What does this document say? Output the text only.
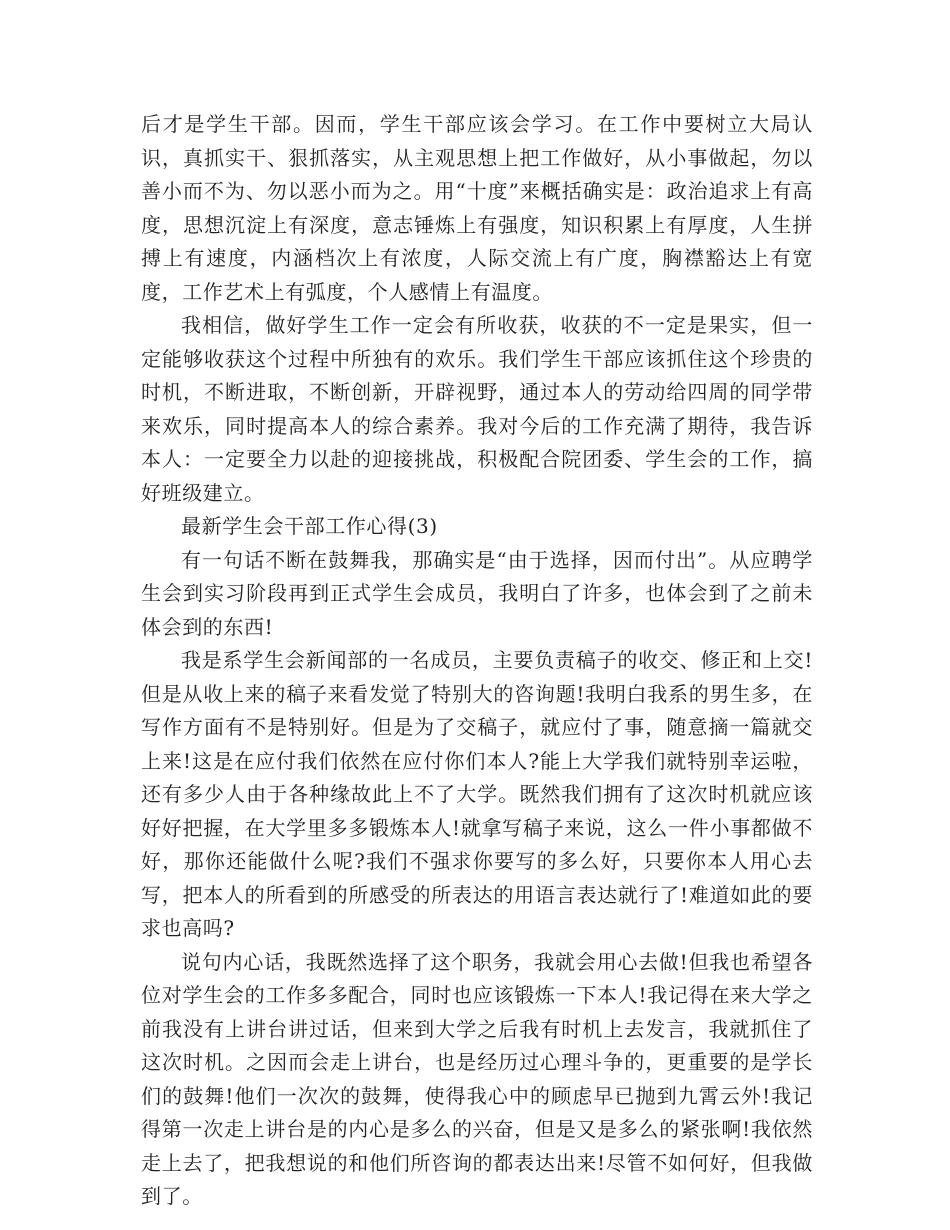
后才是学生干部。因而，学生干部应该会学习。在工作中要树立大局认识，真抓实干、狠抓落实，从主观思想上把工作做好，从小事做起，勿以善小而不为、勿以恶小而为之。用“十度”来概括确实是：政治追求上有高度，思想沉淀上有深度，意志锤炼上有强度，知识积累上有厚度，人生拼搏上有速度，内涵档次上有浓度，人际交流上有广度，胸襟豁达上有宽度，工作艺术上有弧度，个人感情上有温度。

我相信，做好学生工作一定会有所收获，收获的不一定是果实，但一定能够收获这个过程中所独有的欢乐。我们学生干部应该抓住这个珍贵的时机，不断进取，不断创新，开辟视野，通过本人的劳动给四周的同学带来欢乐，同时提高本人的综合素养。我对今后的工作充满了期待，我告诉本人：一定要全力以赴的迎接挑战，积极配合院团委、学生会的工作，搞好班级建立。

最新学生会干部工作心得(3)

有一句话不断在鼓舞我，那确实是“由于选择，因而付出”。从应聘学生会到实习阶段再到正式学生会成员，我明白了许多，也体会到了之前未体会到的东西!

我是系学生会新闻部的一名成员，主要负责稿子的收交、修正和上交!但是从收上来的稿子来看发觉了特别大的咨询题!我明白我系的男生多，在写作方面有不是特别好。但是为了交稿子，就应付了事，随意摘一篇就交上来!这是在应付我们依然在应付你们本人?能上大学我们就特别幸运啦，还有多少人由于各种缘故此上不了大学。既然我们拥有了这次时机就应该好好把握，在大学里多多锻炼本人!就拿写稿子来说，这么一件小事都做不好，那你还能做什么呢?我们不强求你要写的多么好，只要你本人用心去写，把本人的所看到的所感受的所表达的用语言表达就行了!难道如此的要求也高吗?

说句内心话，我既然选择了这个职务，我就会用心去做!但我也希望各位对学生会的工作多多配合，同时也应该锻炼一下本人!我记得在来大学之前我没有上讲台讲过话，但来到大学之后我有时机上去发言，我就抓住了这次时机。之因而会走上讲台，也是经历过心理斗争的，更重要的是学长们的鼓舞!他们一次次的鼓舞，使得我心中的顾虑早已抛到九霄云外!我记得第一次走上讲台是的内心是多么的兴奋，但是又是多么的紧张啊!我依然走上去了，把我想说的和他们所咨询的都表达出来!尽管不如何好，但我做到了。
